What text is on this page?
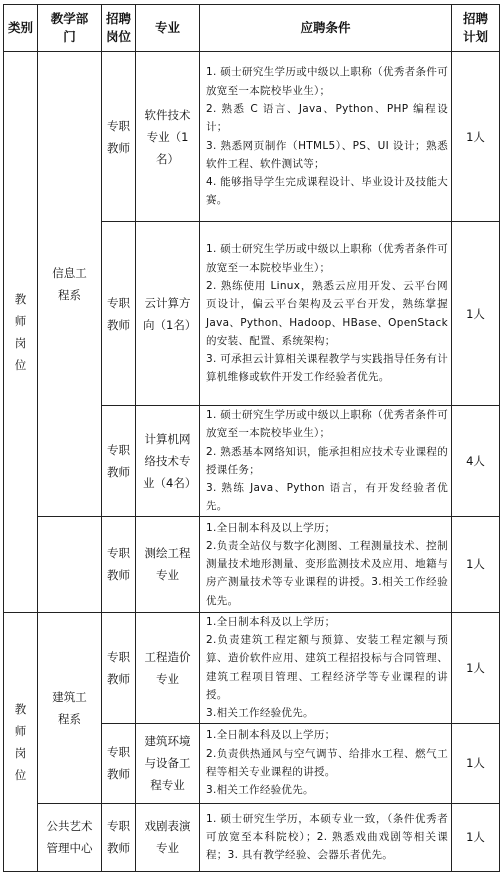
类别	教学部门	招聘岗位	专业	应聘条件	招聘计划
教师岗位	信息工程系	专职教师	软件技术专业（1名）	1. 硕士研究生学历或中级以上职称（优秀者条件可放宽至一本院校毕业生）；
2. 熟悉 C 语言、Java、Python、PHP 编程设计；
3. 熟悉网页制作（HTML5）、PS、UI 设计；熟悉软件工程、软件测试等；
4. 能够指导学生完成课程设计、毕业设计及技能大赛。	1人
		专职教师	云计算方向（1名）	1. 硕士研究生学历或中级以上职称（优秀者条件可放宽至一本院校毕业生）；
2. 熟练使用 Linux，熟悉云应用开发、云平台网页设计，偏云平台架构及云平台开发，熟练掌握 Java、Python、Hadoop、HBase、OpenStack 的安装、配置、系统架构；
3. 可承担云计算相关课程教学与实践指导任务有计算机维修或软件开发工作经验者优先。	1人
		专职教师	计算机网络技术专业（4名）	1. 硕士研究生学历或中级以上职称（优秀者条件可放宽至一本院校毕业生）；
2. 熟悉基本网络知识，能承担相应技术专业课程的授课任务；
3. 熟练 Java、Python 语言，有开发经验者优先。	4人
		专职教师	测绘工程专业	1.全日制本科及以上学历；
2.负责全站仪与数字化测图、工程测量技术、控制测量技术地形测量、变形监测技术及应用、地籍与房产测量技术等专业课程的讲授。3.相关工作经验优先。	1人
教师岗位	建筑工程系	专职教师	工程造价专业	1.全日制本科及以上学历；
2.负责建筑工程定额与预算、安装工程定额与预算、造价软件应用、建筑工程招投标与合同管理、建筑工程项目管理、工程经济学等专业课程的讲授。
3.相关工作经验优先。	1人
		专职教师	建筑环境与设备工程专业	1.全日制本科及以上学历；
2.负责供热通风与空气调节、给排水工程、燃气工程等相关专业课程的讲授。
3.相关工作经验优先。	1人
	公共艺术管理中心	专职教师	戏剧表演专业	1. 硕士研究生学历，本硕专业一致，（条件优秀者可放宽至本科院校）；2. 熟悉戏曲戏剧等相关课程；3. 具有教学经验、会器乐者优先。	1人
